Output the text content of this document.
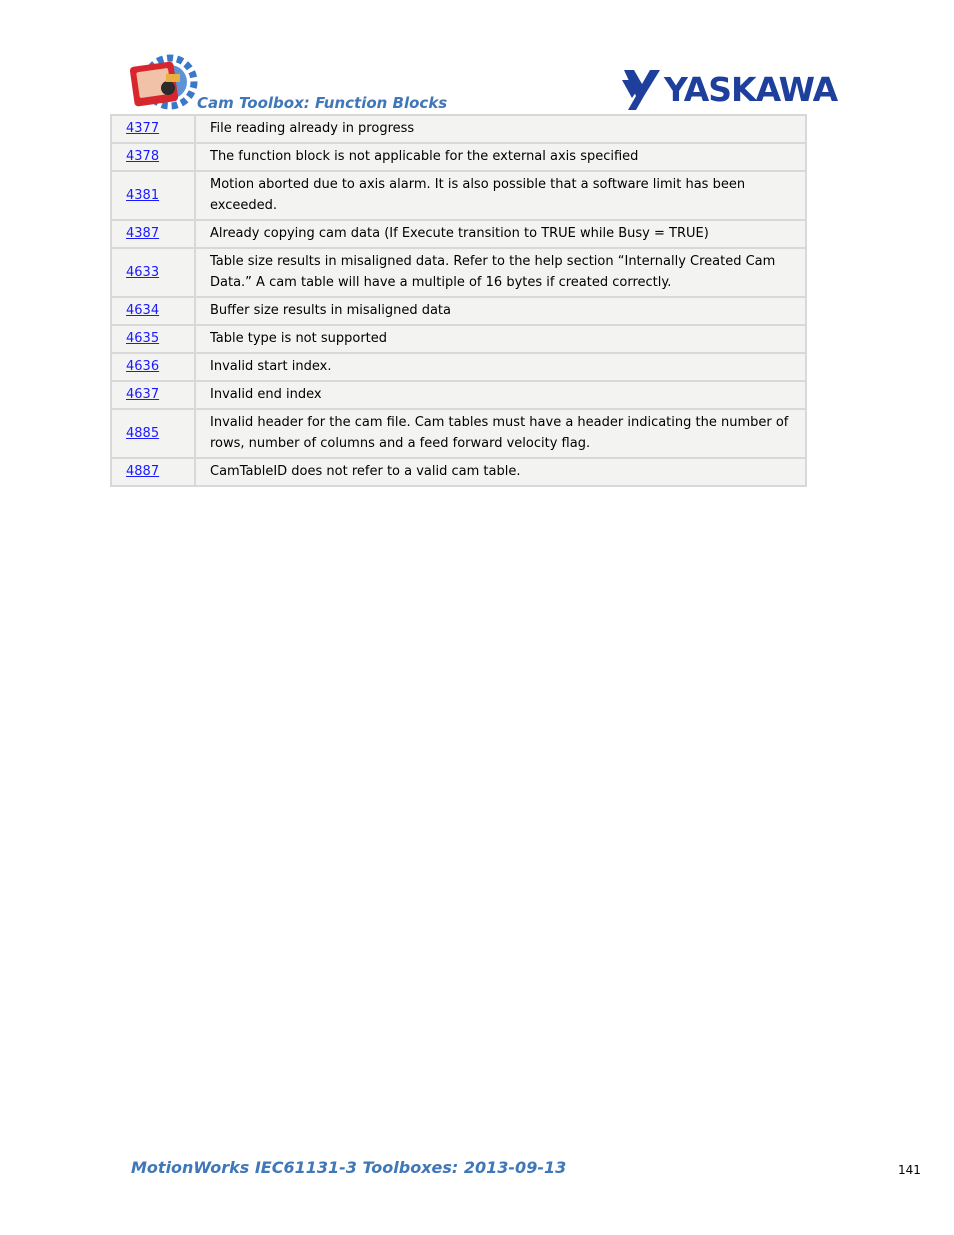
Cam Toolbox: Function Blocks	YASKAWA
4377	File reading already in progress
4378	The function block is not applicable for the external axis specified
4381	Motion aborted due to axis alarm. It is also possible that a software limit has been exceeded.
4387	Already copying cam data (If Execute transition to TRUE while Busy = TRUE)
4633	Table size results in misaligned data. Refer to the help section “Internally Created Cam Data.” A cam table will have a multiple of 16 bytes if created correctly.
4634	Buffer size results in misaligned data
4635	Table type is not supported
4636	Invalid start index.
4637	Invalid end index
4885	Invalid header for the cam file. Cam tables must have a header indicating the number of rows, number of columns and a feed forward velocity flag.
4887	CamTableID does not refer to a valid cam table.
MotionWorks IEC61131-3 Toolboxes: 2013-09-13	141
